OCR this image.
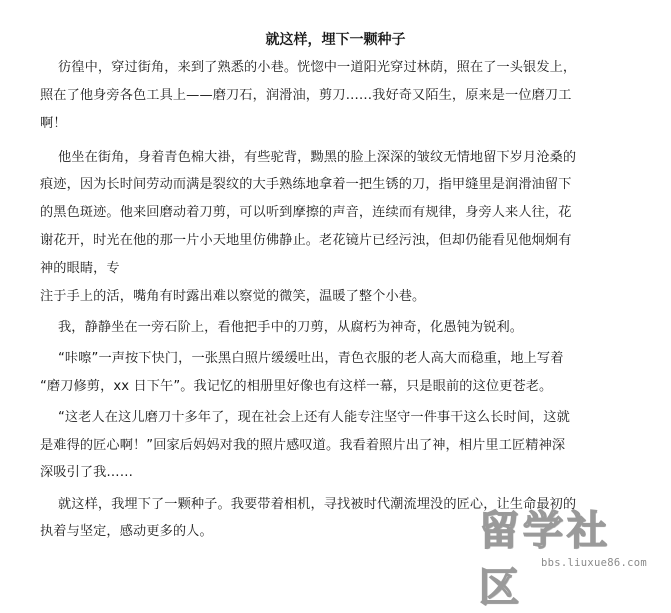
就这样，埋下一颗种子
彷徨中，穿过街角，来到了熟悉的小巷。恍惚中一道阳光穿过林荫，照在了一头银发上，
照在了他身旁各色工具上——磨刀石，润滑油，剪刀……我好奇又陌生，原来是一位磨刀工
啊！
他坐在街角，身着青色棉大褂，有些驼背，黝黑的脸上深深的皱纹无情地留下岁月沧桑的
痕迹，因为长时间劳动而满是裂纹的大手熟练地拿着一把生锈的刀，指甲缝里是润滑油留下
的黑色斑迹。他来回磨动着刀剪，可以听到摩擦的声音，连续而有规律，身旁人来人往，花
谢花开，时光在他的那一片小天地里仿佛静止。老花镜片已经污浊，但却仍能看见他炯炯有
神的眼睛，专
注于手上的活，嘴角有时露出难以察觉的微笑，温暖了整个小巷。
我，静静坐在一旁石阶上，看他把手中的刀剪，从腐朽为神奇，化愚钝为锐利。
“咔嚓”一声按下快门，一张黑白照片缓缓吐出，青色衣服的老人高大而稳重，地上写着
“磨刀修剪，xx 日下午”。我记忆的相册里好像也有这样一幕，只是眼前的这位更苍老。
“这老人在这儿磨刀十多年了，现在社会上还有人能专注坚守一件事干这么长时间，这就
是难得的匠心啊！”回家后妈妈对我的照片感叹道。我看着照片出了神，相片里工匠精神深
深吸引了我……
就这样，我埋下了一颗种子。我要带着相机，寻找被时代潮流埋没的匠心，让生命最初的
执着与坚定，感动更多的人。	留学社区
bbs.liuxue86.com
